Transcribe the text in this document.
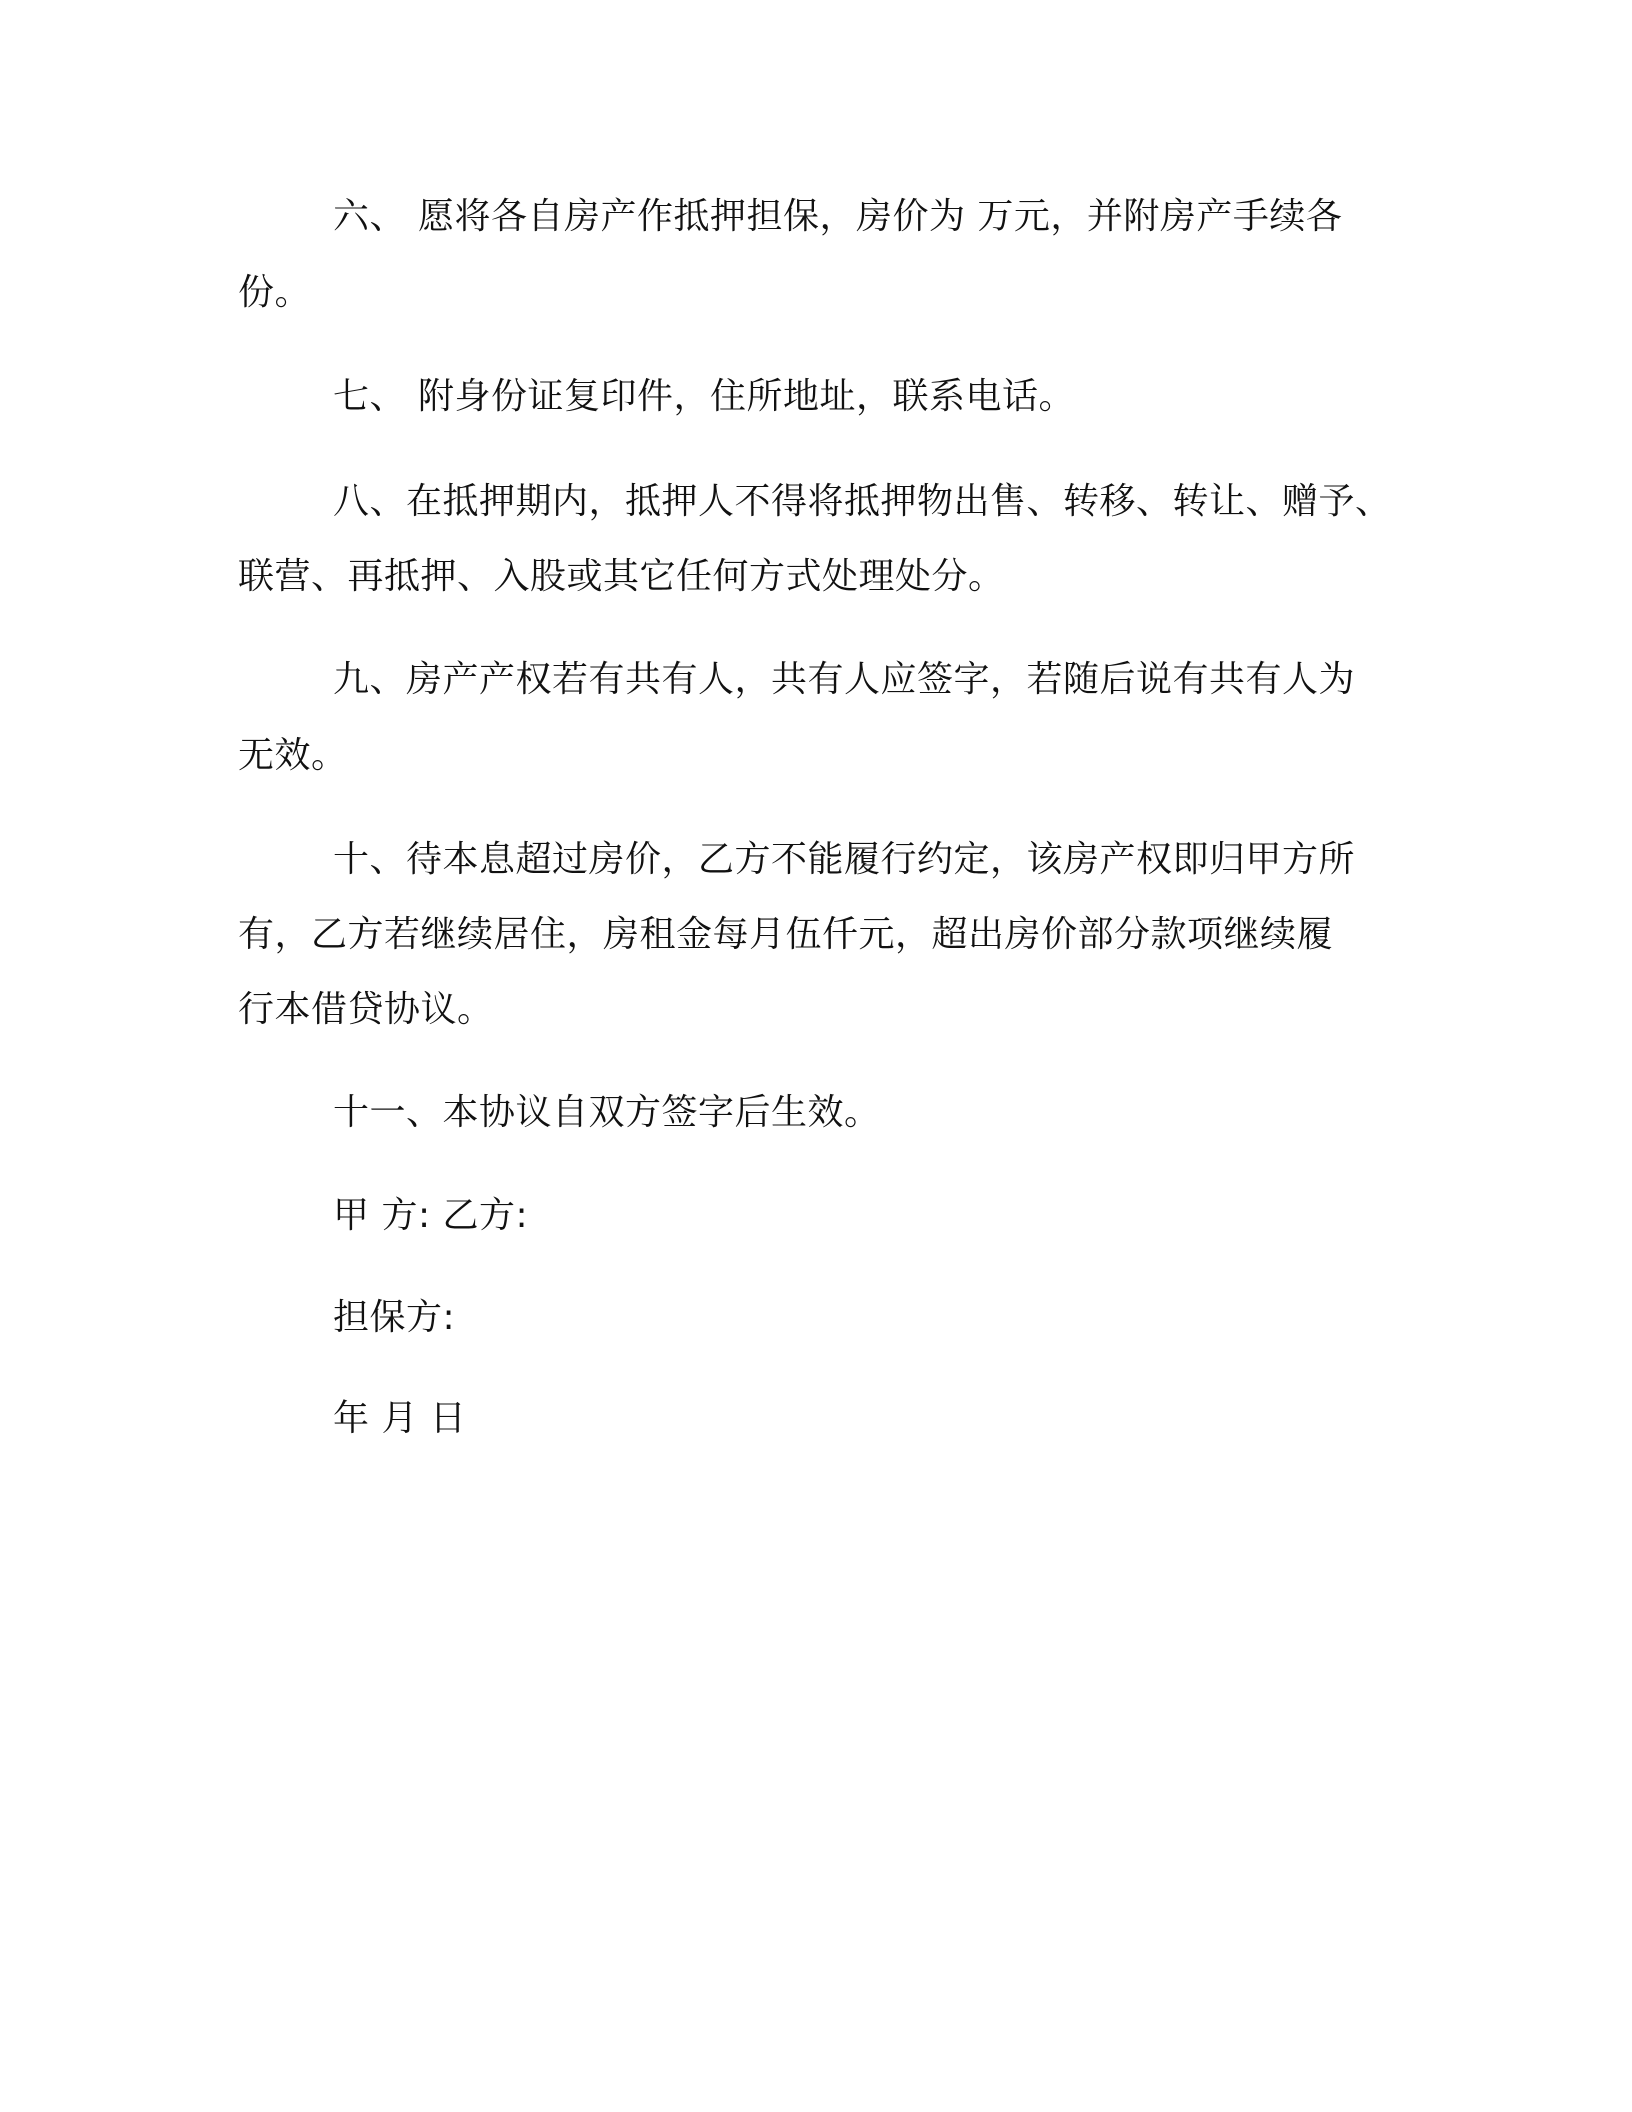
六、 愿将各自房产作抵押担保，房价为 万元，并附房产手续各
份。
七、 附身份证复印件，住所地址，联系电话。
八、在抵押期内，抵押人不得将抵押物出售、转移、转让、赠予、
联营、再抵押、入股或其它任何方式处理处分。
九、房产产权若有共有人，共有人应签字，若随后说有共有人为
无效。
十、待本息超过房价，乙方不能履行约定，该房产权即归甲方所
有，乙方若继续居住，房租金每月伍仟元，超出房价部分款项继续履
行本借贷协议。
十一、本协议自双方签字后生效。
甲 方: 乙方:
担保方:
年 月 日
